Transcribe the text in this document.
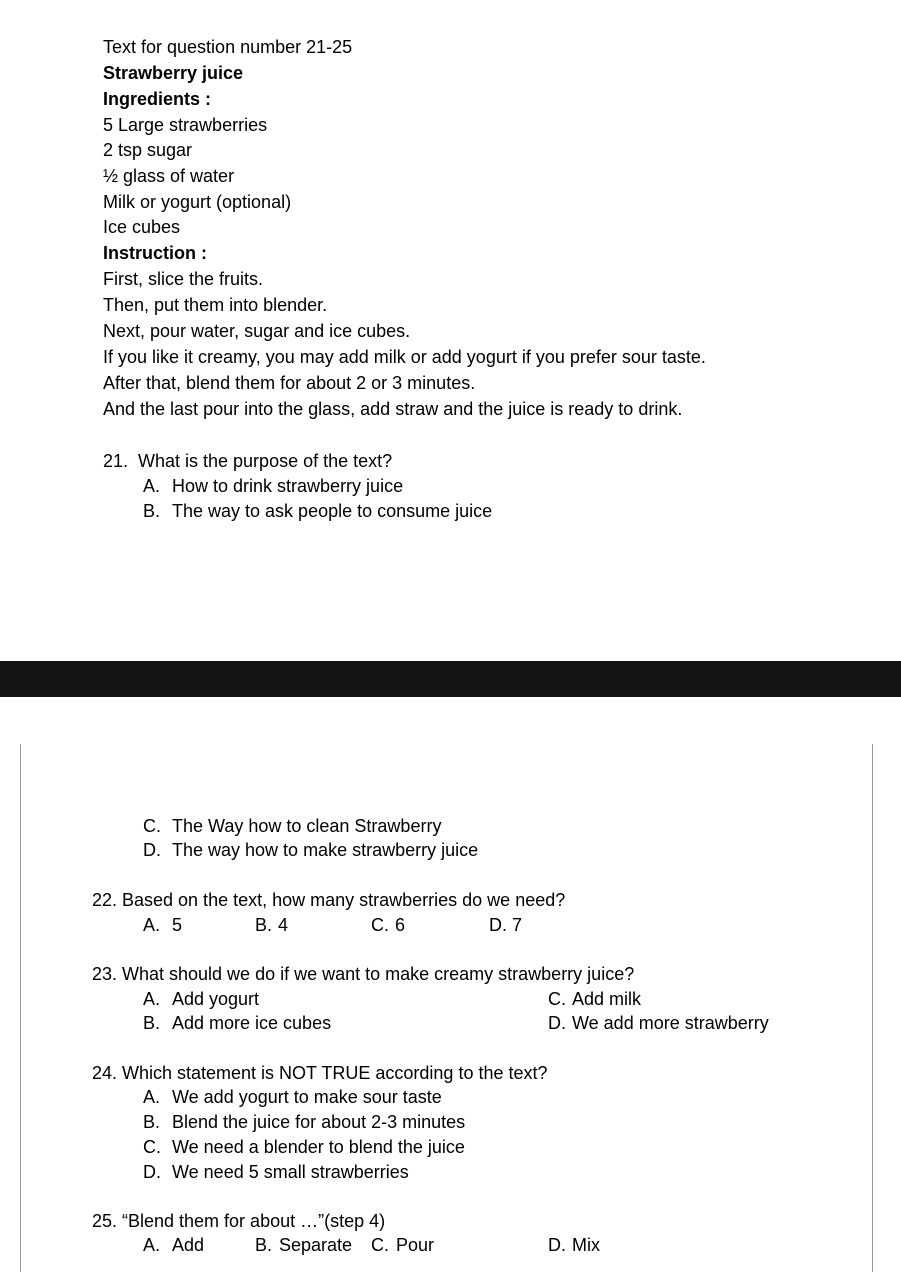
Text for question number 21-25
Strawberry juice
Ingredients :
5 Large strawberries
2 tsp sugar
½ glass of water
Milk or yogurt (optional)
Ice cubes
Instruction :
First, slice the fruits.
Then, put them into blender.
Next, pour water, sugar and ice cubes.
If you like it creamy, you may add milk or add yogurt if you prefer sour taste.
After that, blend them for about 2 or 3 minutes.
And the last pour into the glass, add straw and the juice is ready to drink.
21. What is the purpose of the text?
A. How to drink strawberry juice
B. The way to ask people to consume juice
C. The Way how to clean Strawberry
D. The way how to make strawberry juice
22. Based on the text, how many strawberries do we need?
A. 5	B. 4	C. 6	D. 7
23. What should we do if we want to make creamy strawberry juice?
A. Add yogurt	C. Add milk
B. Add more ice cubes	D. We add more strawberry
24. Which statement is NOT TRUE according to the text?
A. We add yogurt to make sour taste
B. Blend the juice for about 2-3 minutes
C. We need a blender to blend the juice
D. We need 5 small strawberries
25. “Blend them for about …”(step 4)
A. Add	B. Separate C. Pour	D. Mix
